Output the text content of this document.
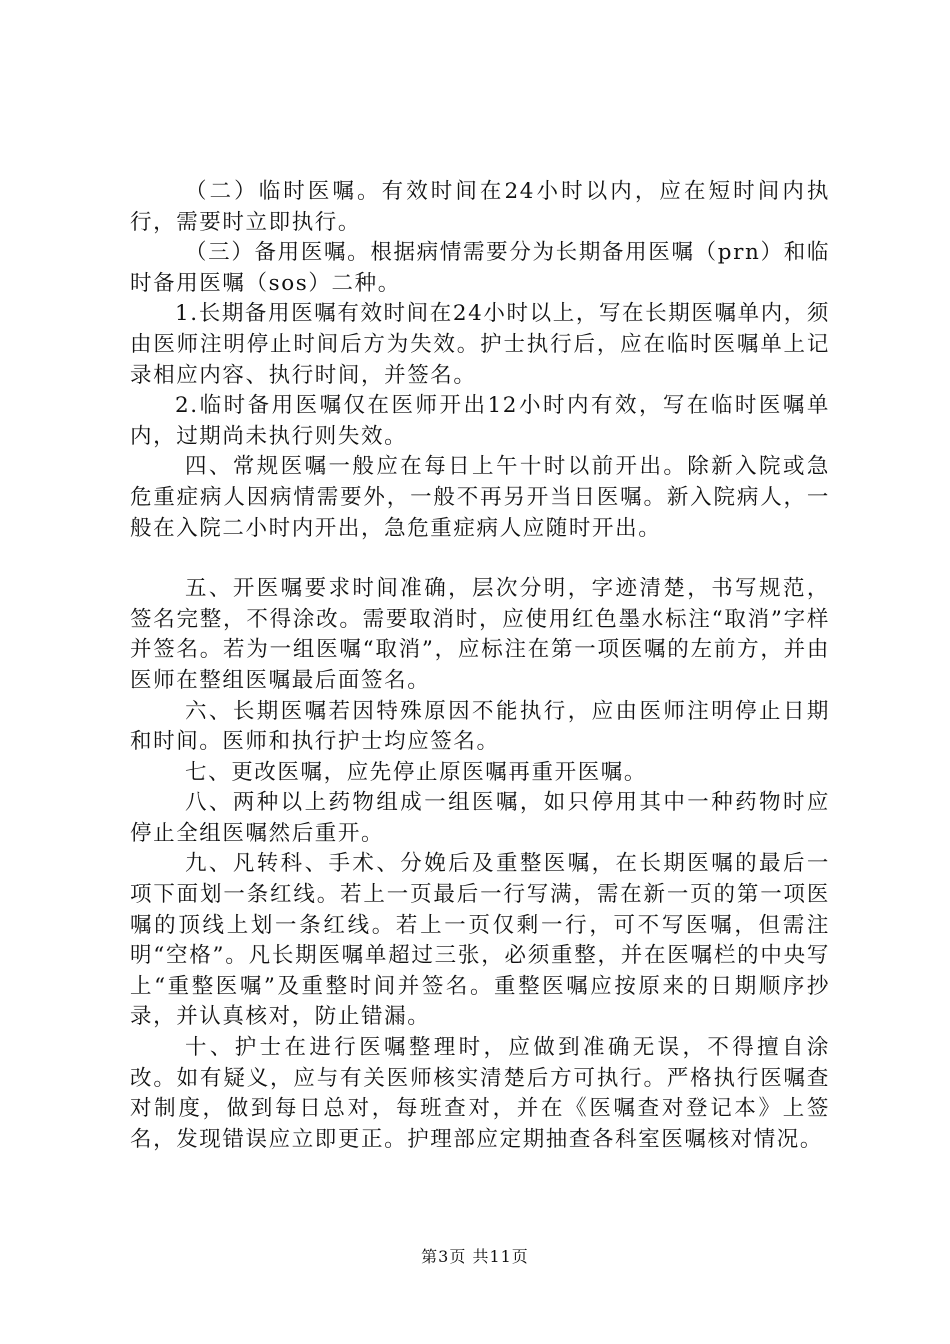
（二）临时医嘱。有效时间在24小时以内，应在短时间内执行，需要时立即执行。

（三）备用医嘱。根据病情需要分为长期备用医嘱（prn）和临时备用医嘱（sos）二种。

1.长期备用医嘱有效时间在24小时以上，写在长期医嘱单内，须由医师注明停止时间后方为失效。护士执行后，应在临时医嘱单上记录相应内容、执行时间，并签名。

2.临时备用医嘱仅在医师开出12小时内有效，写在临时医嘱单内，过期尚未执行则失效。

四、常规医嘱一般应在每日上午十时以前开出。除新入院或急危重症病人因病情需要外，一般不再另开当日医嘱。新入院病人，一般在入院二小时内开出，急危重症病人应随时开出。

五、开医嘱要求时间准确，层次分明，字迹清楚，书写规范，签名完整，不得涂改。需要取消时，应使用红色墨水标注“取消”字样并签名。若为一组医嘱“取消”，应标注在第一项医嘱的左前方，并由医师在整组医嘱最后面签名。

六、长期医嘱若因特殊原因不能执行，应由医师注明停止日期和时间。医师和执行护士均应签名。

七、更改医嘱，应先停止原医嘱再重开医嘱。

八、两种以上药物组成一组医嘱，如只停用其中一种药物时应停止全组医嘱然后重开。

九、凡转科、手术、分娩后及重整医嘱，在长期医嘱的最后一项下面划一条红线。若上一页最后一行写满，需在新一页的第一项医嘱的顶线上划一条红线。若上一页仅剩一行，可不写医嘱，但需注明“空格”。凡长期医嘱单超过三张，必须重整，并在医嘱栏的中央写上“重整医嘱”及重整时间并签名。重整医嘱应按原来的日期顺序抄录，并认真核对，防止错漏。

十、护士在进行医嘱整理时，应做到准确无误，不得擅自涂改。如有疑义，应与有关医师核实清楚后方可执行。严格执行医嘱查对制度，做到每日总对，每班查对，并在《医嘱查对登记本》上签名，发现错误应立即更正。护理部应定期抽查各科室医嘱核对情况。

第3页 共11页
